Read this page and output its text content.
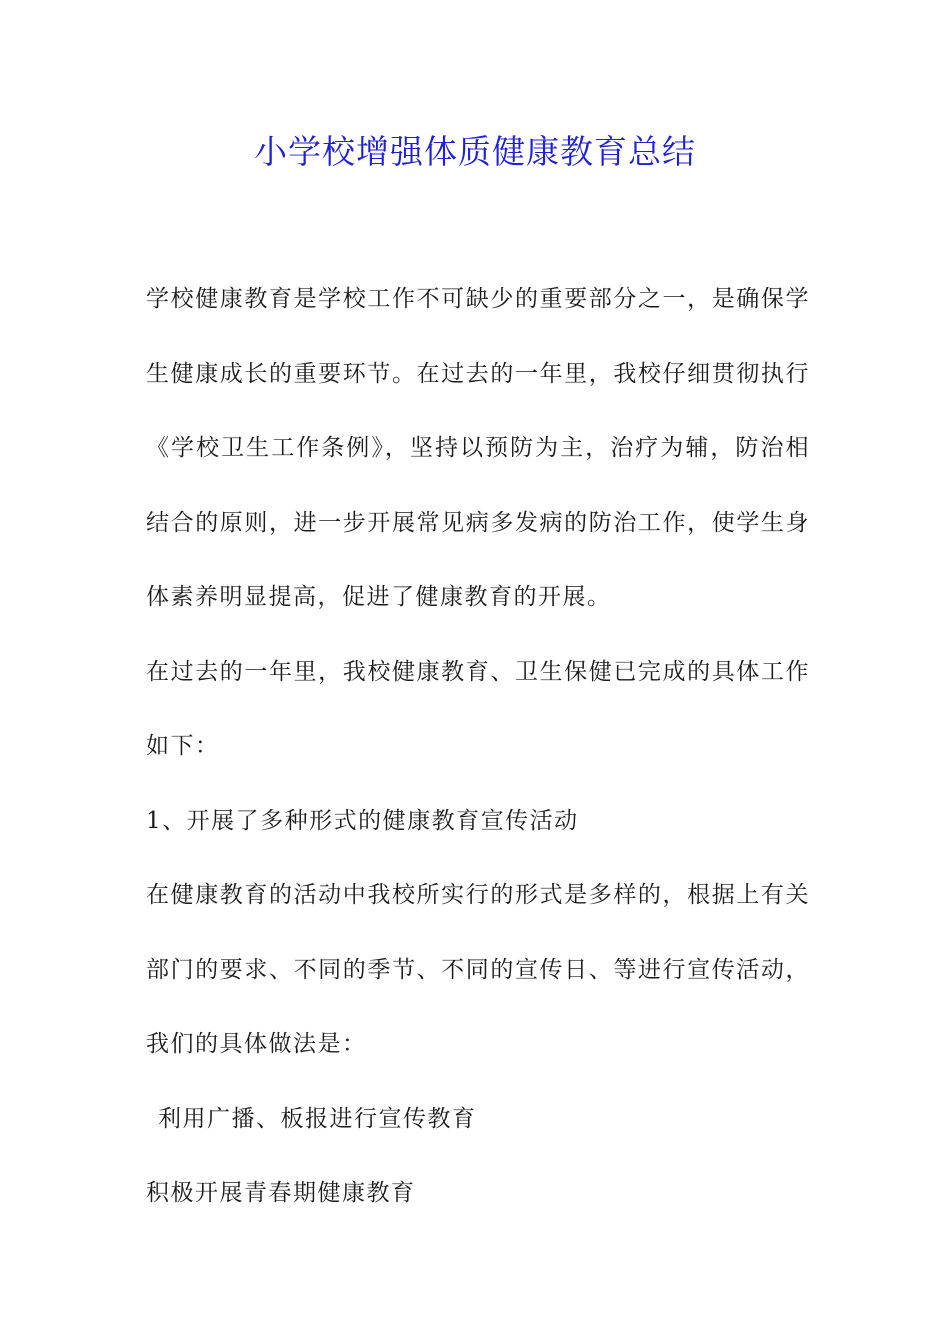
小学校增强体质健康教育总结

学校健康教育是学校工作不可缺少的重要部分之一，是确保学生健康成长的重要环节。在过去的一年里，我校仔细贯彻执行《学校卫生工作条例》，坚持以预防为主，治疗为辅，防治相结合的原则，进一步开展常见病多发病的防治工作，使学生身体素养明显提高，促进了健康教育的开展。

在过去的一年里，我校健康教育、卫生保健已完成的具体工作如下：

1、开展了多种形式的健康教育宣传活动

在健康教育的活动中我校所实行的形式是多样的，根据上有关部门的要求、不同的季节、不同的宣传日、等进行宣传活动，我们的具体做法是：

利用广播、板报进行宣传教育

积极开展青春期健康教育
